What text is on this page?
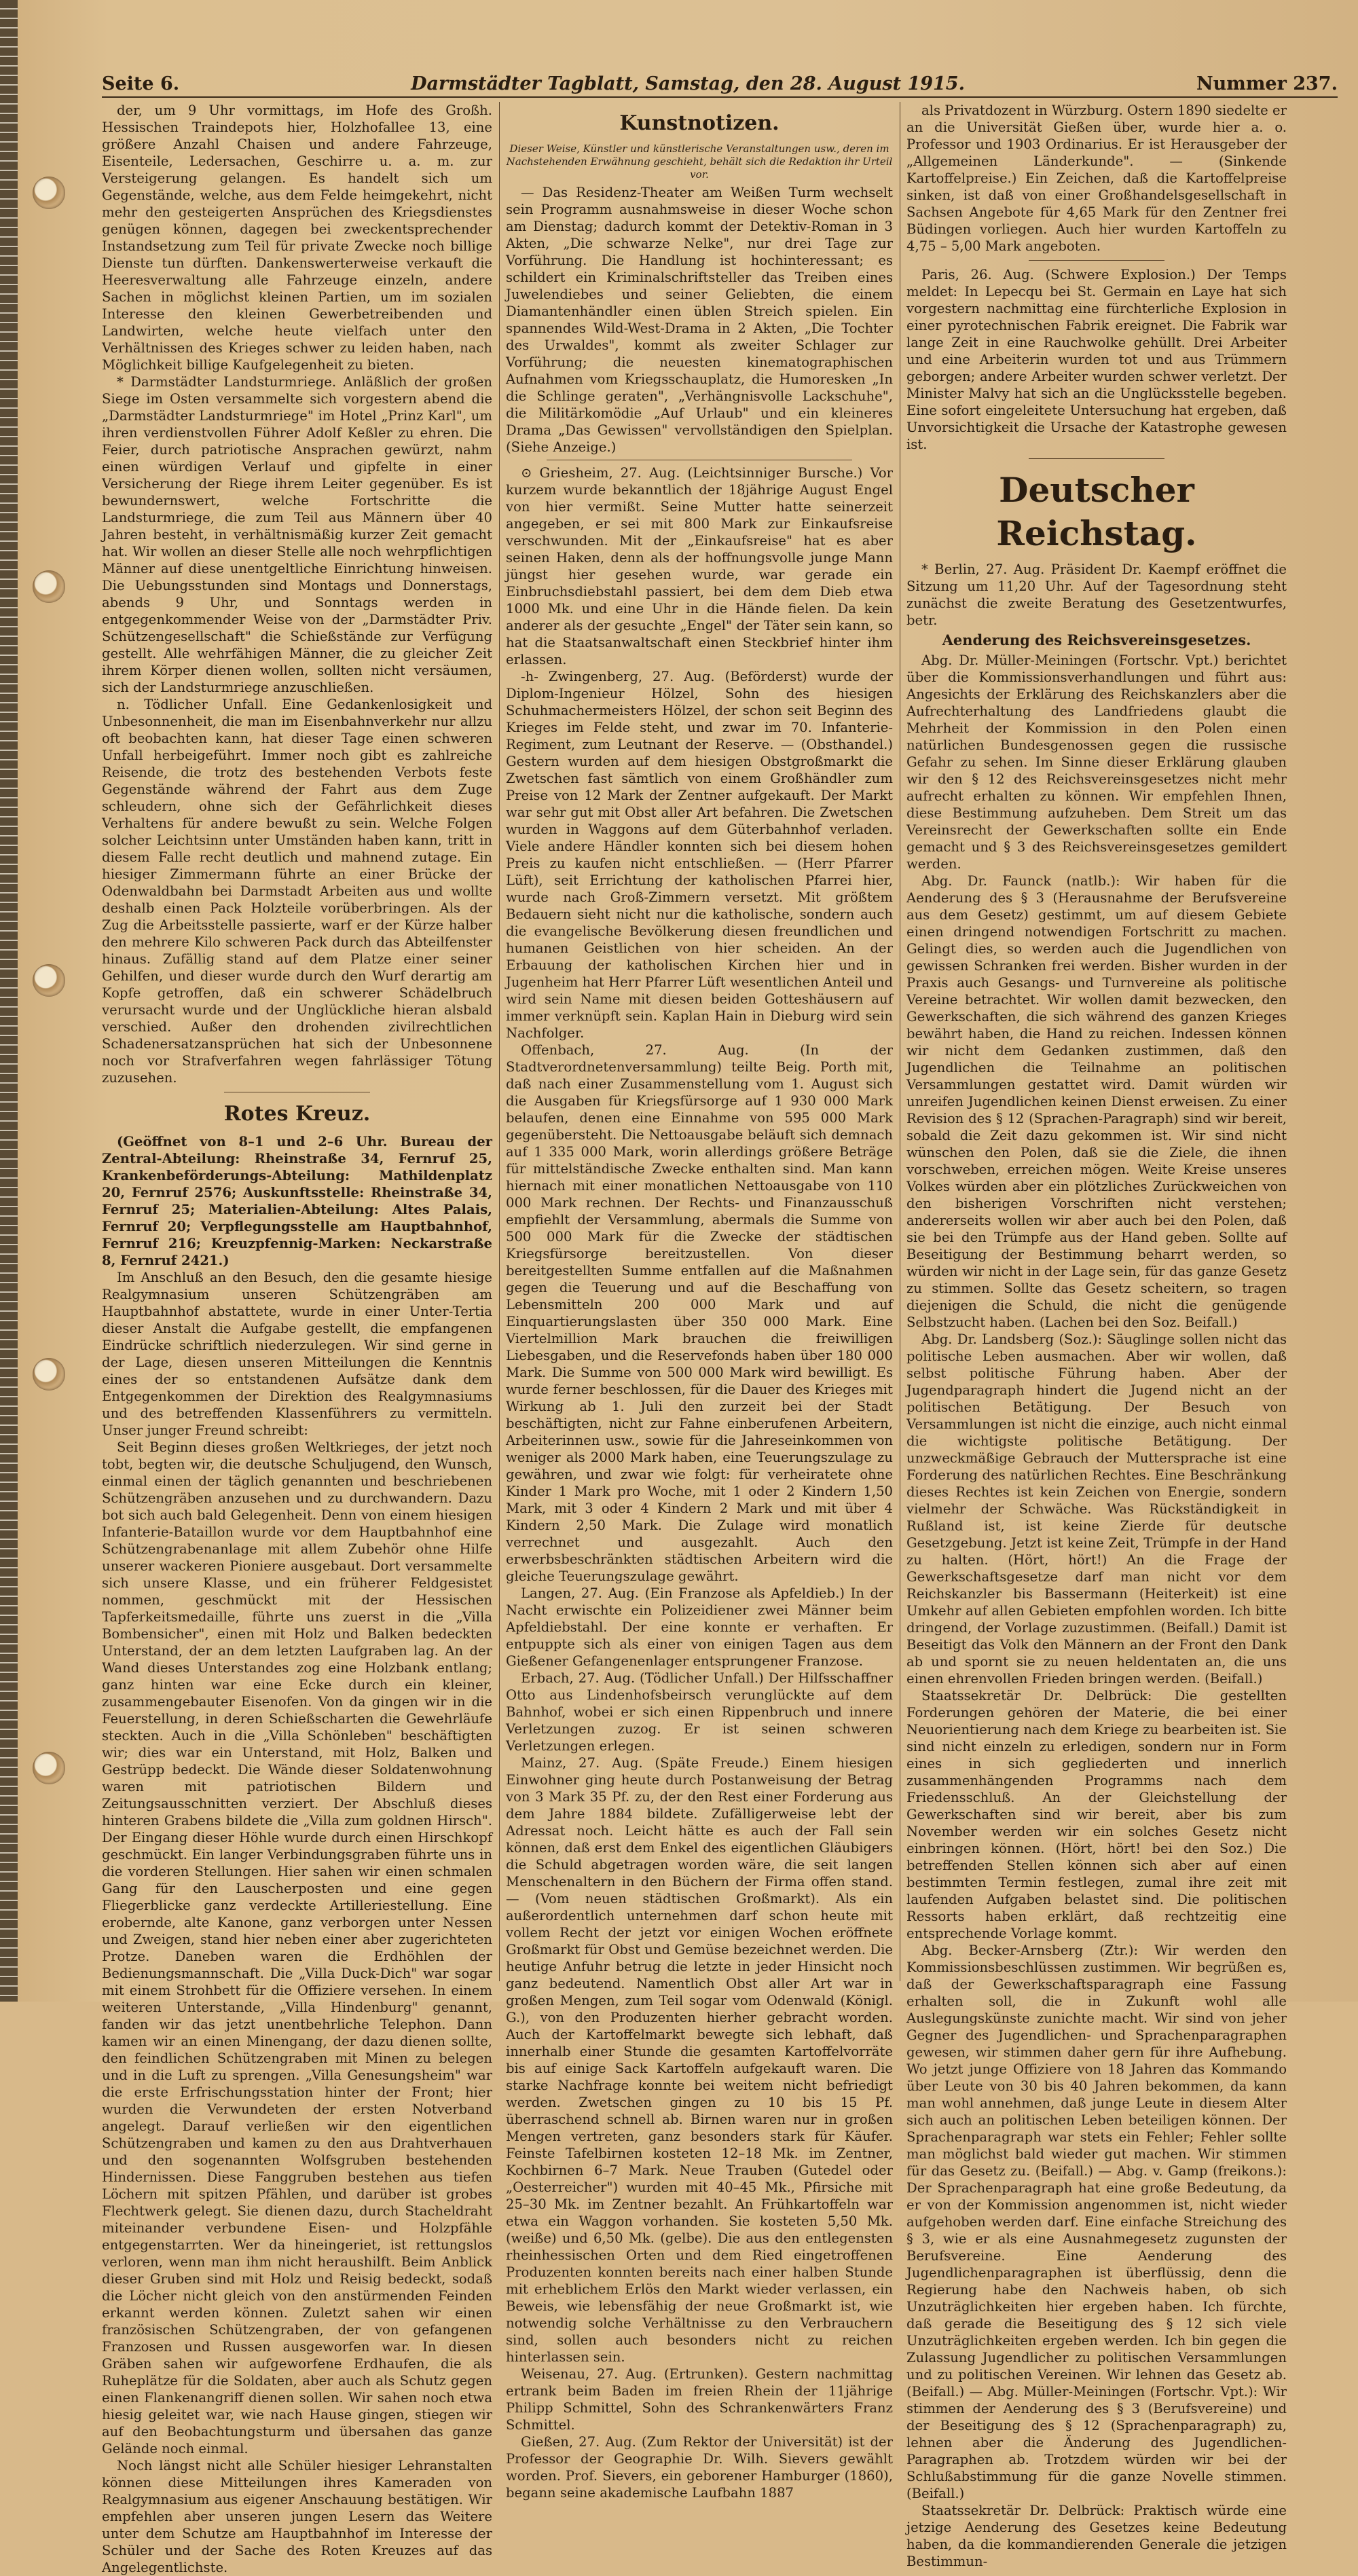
Seite 6.	Darmstädter Tagblatt, Samstag, den 28. August 1915.	Nummer 237.

der, um 9 Uhr vormittags, im Hofe des Großh. Hessischen Traindepots hier, Holzhofallee 13, eine größere Anzahl Chaisen und andere Fahrzeuge, Eisenteile, Ledersachen, Geschirre u. a. m. zur Versteigerung gelangen. Es handelt sich um Gegenstände, welche, aus dem Felde heimgekehrt, nicht mehr den gesteigerten Ansprüchen des Kriegsdienstes genügen können, dagegen bei zweckentsprechender Instandsetzung zum Teil für private Zwecke noch billige Dienste tun dürften. Dankenswerterweise verkauft die Heeresverwaltung alle Fahrzeuge einzeln, andere Sachen in möglichst kleinen Partien, um im sozialen Interesse den kleinen Gewerbetreibenden und Landwirten, welche heute vielfach unter den Verhältnissen des Krieges schwer zu leiden haben, nach Möglichkeit billige Kaufgelegenheit zu bieten.

* Darmstädter Landsturmriege. Anläßlich der großen Siege im Osten versammelte sich vorgestern abend die „Darmstädter Landsturmriege" im Hotel „Prinz Karl", um ihren verdienstvollen Führer Adolf Keßler zu ehren. Die Feier, durch patriotische Ansprachen gewürzt, nahm einen würdigen Verlauf und gipfelte in einer Versicherung der Riege ihrem Leiter gegenüber. Es ist bewundernswert, welche Fortschritte die Landsturmriege, die zum Teil aus Männern über 40 Jahren besteht, in verhältnismäßig kurzer Zeit gemacht hat. Wir wollen an dieser Stelle alle noch wehrpflichtigen Männer auf diese unentgeltliche Einrichtung hinweisen. Die Uebungsstunden sind Montags und Donnerstags, abends 9 Uhr, und Sonntags werden in entgegenkommender Weise von der „Darmstädter Priv. Schützengesellschaft" die Schießstände zur Verfügung gestellt. Alle wehrfähigen Männer, die zu gleicher Zeit ihrem Körper dienen wollen, sollten nicht versäumen, sich der Landsturmriege anzuschließen.

n. Tödlicher Unfall. Eine Gedankenlosigkeit und Unbesonnenheit, die man im Eisenbahnverkehr nur allzu oft beobachten kann, hat dieser Tage einen schweren Unfall herbeigeführt. Immer noch gibt es zahlreiche Reisende, die trotz des bestehenden Verbots feste Gegenstände während der Fahrt aus dem Zuge schleudern, ohne sich der Gefährlichkeit dieses Verhaltens für andere bewußt zu sein. Welche Folgen solcher Leichtsinn unter Umständen haben kann, tritt in diesem Falle recht deutlich und mahnend zutage. Ein hiesiger Zimmermann führte an einer Brücke der Odenwaldbahn bei Darmstadt Arbeiten aus und wollte deshalb einen Pack Holzteile vorüberbringen. Als der Zug die Arbeitsstelle passierte, warf er der Kürze halber den mehrere Kilo schweren Pack durch das Abteilfenster hinaus. Zufällig stand auf dem Platze einer seiner Gehilfen, und dieser wurde durch den Wurf derartig am Kopfe getroffen, daß ein schwerer Schädelbruch verursacht wurde und der Unglückliche hieran alsbald verschied. Außer den drohenden zivilrechtlichen Schadenersatzansprüchen hat sich der Unbesonnene noch vor Strafverfahren wegen fahrlässiger Tötung zuzusehen.

Rotes Kreuz.

(Geöffnet von 8–1 und 2–6 Uhr. Bureau der Zentral-Abteilung: Rheinstraße 34, Fernruf 25, Krankenbeförderungs-Abteilung: Mathildenplatz 20, Fernruf 2576; Auskunftsstelle: Rheinstraße 34, Fernruf 25; Materialien-Abteilung: Altes Palais, Fernruf 20; Verpflegungsstelle am Hauptbahnhof, Fernruf 216; Kreuzpfennig-Marken: Neckarstraße 8, Fernruf 2421.)

Im Anschluß an den Besuch, den die gesamte hiesige Realgymnasium unseren Schützengräben am Hauptbahnhof abstattete, wurde in einer Unter-Tertia dieser Anstalt die Aufgabe gestellt, die empfangenen Eindrücke schriftlich niederzulegen. Wir sind gerne in der Lage, diesen unseren Mitteilungen die Kenntnis eines der so entstandenen Aufsätze dank dem Entgegenkommen der Direktion des Realgymnasiums und des betreffenden Klassenführers zu vermitteln. Unser junger Freund schreibt:

Seit Beginn dieses großen Weltkrieges, der jetzt noch tobt, begten wir, die deutsche Schuljugend, den Wunsch, einmal einen der täglich genannten und beschriebenen Schützengräben anzusehen und zu durchwandern. Dazu bot sich auch bald Gelegenheit. Denn von einem hiesigen Infanterie-Bataillon wurde vor dem Hauptbahnhof eine Schützengrabenanlage mit allem Zubehör ohne Hilfe unserer wackeren Pioniere ausgebaut. Dort versammelte sich unsere Klasse, und ein früherer Feldgesistet nommen, geschmückt mit der Hessischen Tapferkeitsmedaille, führte uns zuerst in die „Villa Bombensicher", einen mit Holz und Balken bedeckten Unterstand, der an dem letzten Laufgraben lag. An der Wand dieses Unterstandes zog eine Holzbank entlang; ganz hinten war eine Ecke durch ein kleiner, zusammengebauter Eisenofen. Von da gingen wir in die Feuerstellung, in deren Schießscharten die Gewehrläufe steckten. Auch in die „Villa Schönleben" beschäftigten wir; dies war ein Unterstand, mit Holz, Balken und Gestrüpp bedeckt. Die Wände dieser Soldatenwohnung waren mit patriotischen Bildern und Zeitungsausschnitten verziert. Der Abschluß dieses hinteren Grabens bildete die „Villa zum goldnen Hirsch". Der Eingang dieser Höhle wurde durch einen Hirschkopf geschmückt. Ein langer Verbindungsgraben führte uns in die vorderen Stellungen. Hier sahen wir einen schmalen Gang für den Lauscherposten und eine gegen Fliegerblicke ganz verdeckte Artilleriestellung. Eine erobernde, alte Kanone, ganz verborgen unter Nessen und Zweigen, stand hier neben einer aber zugerichteten Protze. Daneben waren die Erdhöhlen der Bedienungsmannschaft. Die „Villa Duck-Dich" war sogar mit einem Strohbett für die Offiziere versehen. In einem weiteren Unterstande, „Villa Hindenburg" genannt, fanden wir das jetzt unentbehrliche Telephon. Dann kamen wir an einen Minengang, der dazu dienen sollte, den feindlichen Schützengraben mit Minen zu belegen und in die Luft zu sprengen. „Villa Genesungsheim" war die erste Erfrischungsstation hinter der Front; hier wurden die Verwundeten der ersten Notverband angelegt. Darauf verließen wir den eigentlichen Schützengraben und kamen zu den aus Drahtverhauen und den sogenannten Wolfsgruben bestehenden Hindernissen. Diese Fanggruben bestehen aus tiefen Löchern mit spitzen Pfählen, und darüber ist grobes Flechtwerk gelegt. Sie dienen dazu, durch Stacheldraht miteinander verbundene Eisen- und Holzpfähle entgegenstarrten. Wer da hineingeriet, ist rettungslos verloren, wenn man ihm nicht heraushilft. Beim Anblick dieser Gruben sind mit Holz und Reisig bedeckt, sodaß die Löcher nicht gleich von den anstürmenden Feinden erkannt werden können. Zuletzt sahen wir einen französischen Schützengraben, der von gefangenen Franzosen und Russen ausgeworfen war. In diesen Gräben sahen wir aufgeworfene Erdhaufen, die als Ruheplätze für die Soldaten, aber auch als Schutz gegen einen Flankenangriff dienen sollen. Wir sahen noch etwa hiesig geleitet war, wie nach Hause gingen, stiegen wir auf den Beobachtungsturm und übersahen das ganze Gelände noch einmal.

Noch längst nicht alle Schüler hiesiger Lehranstalten können diese Mitteilungen ihres Kameraden von Realgymnasium aus eigener Anschauung bestätigen. Wir empfehlen aber unseren jungen Lesern das Weitere unter dem Schutze am Hauptbahnhof im Interesse der Schüler und der Sache des Roten Kreuzes auf das Angelegentlichste.

Kunstnotizen.
Dieser Weise, Künstler und künstlerische Veranstaltungen usw., deren im Nachstehenden Erwähnung geschieht, behält sich die Redaktion ihr Urteil vor.

— Das Residenz-Theater am Weißen Turm wechselt sein Programm ausnahmsweise in dieser Woche schon am Dienstag; dadurch kommt der Detektiv-Roman in 3 Akten, „Die schwarze Nelke", nur drei Tage zur Vorführung. Die Handlung ist hochinteressant; es schildert ein Kriminalschriftsteller das Treiben eines Juwelendiebes und seiner Geliebten, die einem Diamantenhändler einen üblen Streich spielen. Ein spannendes Wild-West-Drama in 2 Akten, „Die Tochter des Urwaldes", kommt als zweiter Schlager zur Vorführung; die neuesten kinematographischen Aufnahmen vom Kriegsschauplatz, die Humoresken „In die Schlinge geraten", „Verhängnisvolle Lackschuhe", die Militärkomödie „Auf Urlaub" und ein kleineres Drama „Das Gewissen" vervollständigen den Spielplan. (Siehe Anzeige.)

⊙ Griesheim, 27. Aug. (Leichtsinniger Bursche.) Vor kurzem wurde bekanntlich der 18jährige August Engel von hier vermißt. Seine Mutter hatte seinerzeit angegeben, er sei mit 800 Mark zur Einkaufsreise verschwunden. Mit der „Einkaufsreise" hat es aber seinen Haken, denn als der hoffnungsvolle junge Mann jüngst hier gesehen wurde, war gerade ein Einbruchsdiebstahl passiert, bei dem dem Dieb etwa 1000 Mk. und eine Uhr in die Hände fielen. Da kein anderer als der gesuchte „Engel" der Täter sein kann, so hat die Staatsanwaltschaft einen Steckbrief hinter ihm erlassen.

-h- Zwingenberg, 27. Aug. (Beförderst) wurde der Diplom-Ingenieur Hölzel, Sohn des hiesigen Schuhmachermeisters Hölzel, der schon seit Beginn des Krieges im Felde steht, und zwar im 70. Infanterie-Regiment, zum Leutnant der Reserve. — (Obsthandel.) Gestern wurden auf dem hiesigen Obstgroßmarkt die Zwetschen fast sämtlich von einem Großhändler zum Preise von 12 Mark der Zentner aufgekauft. Der Markt war sehr gut mit Obst aller Art befahren. Die Zwetschen wurden in Waggons auf dem Güterbahnhof verladen. Viele andere Händler konnten sich bei diesem hohen Preis zu kaufen nicht entschließen. — (Herr Pfarrer Lüft), seit Errichtung der katholischen Pfarrei hier, wurde nach Groß-Zimmern versetzt. Mit größtem Bedauern sieht nicht nur die katholische, sondern auch die evangelische Bevölkerung diesen freundlichen und humanen Geistlichen von hier scheiden. An der Erbauung der katholischen Kirchen hier und in Jugenheim hat Herr Pfarrer Lüft wesentlichen Anteil und wird sein Name mit diesen beiden Gotteshäusern auf immer verknüpft sein. Kaplan Hain in Dieburg wird sein Nachfolger.

Offenbach, 27. Aug. (In der Stadtverordnetenversammlung) teilte Beig. Porth mit, daß nach einer Zusammenstellung vom 1. August sich die Ausgaben für Kriegsfürsorge auf 1 930 000 Mark belaufen, denen eine Einnahme von 595 000 Mark gegenübersteht. Die Nettoausgabe beläuft sich demnach auf 1 335 000 Mark, worin allerdings größere Beträge für mittelständische Zwecke enthalten sind. Man kann hiernach mit einer monatlichen Nettoausgabe von 110 000 Mark rechnen. Der Rechts- und Finanzausschuß empfiehlt der Versammlung, abermals die Summe von 500 000 Mark für die Zwecke der städtischen Kriegsfürsorge bereitzustellen. Von dieser bereitgestellten Summe entfallen auf die Maßnahmen gegen die Teuerung und auf die Beschaffung von Lebensmitteln 200 000 Mark und auf Einquartierungslasten über 350 000 Mark. Eine Viertelmillion Mark brauchen die freiwilligen Liebesgaben, und die Reservefonds haben über 180 000 Mark. Die Summe von 500 000 Mark wird bewilligt. Es wurde ferner beschlossen, für die Dauer des Krieges mit Wirkung ab 1. Juli den zurzeit bei der Stadt beschäftigten, nicht zur Fahne einberufenen Arbeitern, Arbeiterinnen usw., sowie für die Jahreseinkommen von weniger als 2000 Mark haben, eine Teuerungszulage zu gewähren, und zwar wie folgt: für verheiratete ohne Kinder 1 Mark pro Woche, mit 1 oder 2 Kindern 1,50 Mark, mit 3 oder 4 Kindern 2 Mark und mit über 4 Kindern 2,50 Mark. Die Zulage wird monatlich verrechnet und ausgezahlt. Auch den erwerbsbeschränkten städtischen Arbeitern wird die gleiche Teuerungszulage gewährt.

Langen, 27. Aug. (Ein Franzose als Apfeldieb.) In der Nacht erwischte ein Polizeidiener zwei Männer beim Apfeldiebstahl. Der eine konnte er verhaften. Er entpuppte sich als einer von einigen Tagen aus dem Gießener Gefangenenlager entsprungener Franzose.

Erbach, 27. Aug. (Tödlicher Unfall.) Der Hilfsschaffner Otto aus Lindenhofsbeirsch verunglückte auf dem Bahnhof, wobei er sich einen Rippenbruch und innere Verletzungen zuzog. Er ist seinen schweren Verletzungen erlegen.

Mainz, 27. Aug. (Späte Freude.) Einem hiesigen Einwohner ging heute durch Postanweisung der Betrag von 3 Mark 35 Pf. zu, der den Rest einer Forderung aus dem Jahre 1884 bildete. Zufälligerweise lebt der Adressat noch. Leicht hätte es auch der Fall sein können, daß erst dem Enkel des eigentlichen Gläubigers die Schuld abgetragen worden wäre, die seit langen Menschenaltern in den Büchern der Firma offen stand. — (Vom neuen städtischen Großmarkt). Als ein außerordentlich unternehmen darf schon heute mit vollem Recht der jetzt vor einigen Wochen eröffnete Großmarkt für Obst und Gemüse bezeichnet werden. Die heutige Anfuhr betrug die letzte in jeder Hinsicht noch ganz bedeutend. Namentlich Obst aller Art war in großen Mengen, zum Teil sogar vom Odenwald (Königl. G.), von den Produzenten hierher gebracht worden. Auch der Kartoffelmarkt bewegte sich lebhaft, daß innerhalb einer Stunde die gesamten Kartoffelvorräte bis auf einige Sack Kartoffeln aufgekauft waren. Die starke Nachfrage konnte bei weitem nicht befriedigt werden. Zwetschen gingen zu 10 bis 15 Pf. überraschend schnell ab. Birnen waren nur in großen Mengen vertreten, ganz besonders stark für Käufer. Feinste Tafelbirnen kosteten 12–18 Mk. im Zentner, Kochbirnen 6–7 Mark. Neue Trauben (Gutedel oder „Oesterreicher") wurden mit 40–45 Mk., Pfirsiche mit 25–30 Mk. im Zentner bezahlt. An Frühkartoffeln war etwa ein Waggon vorhanden. Sie kosteten 5,50 Mk. (weiße) und 6,50 Mk. (gelbe). Die aus den entlegensten rheinhessischen Orten und dem Ried eingetroffenen Produzenten konnten bereits nach einer halben Stunde mit erheblichem Erlös den Markt wieder verlassen, ein Beweis, wie lebensfähig der neue Großmarkt ist, wie notwendig solche Verhältnisse zu den Verbrauchern sind, sollen auch besonders nicht zu reichen hinterlassen sein.

Weisenau, 27. Aug. (Ertrunken). Gestern nachmittag ertrank beim Baden im freien Rhein der 11jährige Philipp Schmittel, Sohn des Schrankenwärters Franz Schmittel.

Gießen, 27. Aug. (Zum Rektor der Universität) ist der Professor der Geographie Dr. Wilh. Sievers gewählt worden. Prof. Sievers, ein geborener Hamburger (1860), begann seine akademische Laufbahn 1887

als Privatdozent in Würzburg. Ostern 1890 siedelte er an die Universität Gießen über, wurde hier a. o. Professor und 1903 Ordinarius. Er ist Herausgeber der „Allgemeinen Länderkunde". — (Sinkende Kartoffelpreise.) Ein Zeichen, daß die Kartoffelpreise sinken, ist daß von einer Großhandelsgesellschaft in Sachsen Angebote für 4,65 Mark für den Zentner frei Büdingen vorliegen. Auch hier wurden Kartoffeln zu 4,75 – 5,00 Mark angeboten.

Paris, 26. Aug. (Schwere Explosion.) Der Temps meldet: In Lepecqu bei St. Germain en Laye hat sich vorgestern nachmittag eine fürchterliche Explosion in einer pyrotechnischen Fabrik ereignet. Die Fabrik war lange Zeit in eine Rauchwolke gehüllt. Drei Arbeiter und eine Arbeiterin wurden tot und aus Trümmern geborgen; andere Arbeiter wurden schwer verletzt. Der Minister Malvy hat sich an die Unglücksstelle begeben. Eine sofort eingeleitete Untersuchung hat ergeben, daß Unvorsichtigkeit die Ursache der Katastrophe gewesen ist.

Deutscher Reichstag.

* Berlin, 27. Aug. Präsident Dr. Kaempf eröffnet die Sitzung um 11,20 Uhr. Auf der Tagesordnung steht zunächst die zweite Beratung des Gesetzentwurfes, betr.

Aenderung des Reichsvereinsgesetzes.

Abg. Dr. Müller-Meiningen (Fortschr. Vpt.) berichtet über die Kommissionsverhandlungen und führt aus: Angesichts der Erklärung des Reichskanzlers aber die Aufrechterhaltung des Landfriedens glaubt die Mehrheit der Kommission in den Polen einen natürlichen Bundesgenossen gegen die russische Gefahr zu sehen. Im Sinne dieser Erklärung glauben wir den § 12 des Reichsvereinsgesetzes nicht mehr aufrecht erhalten zu können. Wir empfehlen Ihnen, diese Bestimmung aufzuheben. Dem Streit um das Vereinsrecht der Gewerkschaften sollte ein Ende gemacht und § 3 des Reichsvereinsgesetzes gemildert werden.

Abg. Dr. Faunck (natlb.): Wir haben für die Aenderung des § 3 (Herausnahme der Berufsvereine aus dem Gesetz) gestimmt, um auf diesem Gebiete einen dringend notwendigen Fortschritt zu machen. Gelingt dies, so werden auch die Jugendlichen von gewissen Schranken frei werden. Bisher wurden in der Praxis auch Gesangs- und Turnvereine als politische Vereine betrachtet. Wir wollen damit bezwecken, den Gewerkschaften, die sich während des ganzen Krieges bewährt haben, die Hand zu reichen. Indessen können wir nicht dem Gedanken zustimmen, daß den Jugendlichen die Teilnahme an politischen Versammlungen gestattet wird. Damit würden wir unreifen Jugendlichen keinen Dienst erweisen. Zu einer Revision des § 12 (Sprachen-Paragraph) sind wir bereit, sobald die Zeit dazu gekommen ist. Wir sind nicht wünschen den Polen, daß sie die Ziele, die ihnen vorschweben, erreichen mögen. Weite Kreise unseres Volkes würden aber ein plötzliches Zurückweichen von den bisherigen Vorschriften nicht verstehen; andererseits wollen wir aber auch bei den Polen, daß sie bei den Trümpfe aus der Hand geben. Sollte auf Beseitigung der Bestimmung beharrt werden, so würden wir nicht in der Lage sein, für das ganze Gesetz zu stimmen. Sollte das Gesetz scheitern, so tragen diejenigen die Schuld, die nicht die genügende Selbstzucht haben. (Lachen bei den Soz. Beifall.)

Abg. Dr. Landsberg (Soz.): Säuglinge sollen nicht das politische Leben ausmachen. Aber wir wollen, daß selbst politische Führung haben. Aber der Jugendparagraph hindert die Jugend nicht an der politischen Betätigung. Der Besuch von Versammlungen ist nicht die einzige, auch nicht einmal die wichtigste politische Betätigung. Der unzweckmäßige Gebrauch der Muttersprache ist eine Forderung des natürlichen Rechtes. Eine Beschränkung dieses Rechtes ist kein Zeichen von Energie, sondern vielmehr der Schwäche. Was Rückständigkeit in Rußland ist, ist keine Zierde für deutsche Gesetzgebung. Jetzt ist keine Zeit, Trümpfe in der Hand zu halten. (Hört, hört!) An die Frage der Gewerkschaftsgesetze darf man nicht vor dem Reichskanzler bis Bassermann (Heiterkeit) ist eine Umkehr auf allen Gebieten empfohlen worden. Ich bitte dringend, der Vorlage zuzustimmen. (Beifall.) Damit ist Beseitigt das Volk den Männern an der Front den Dank ab und spornt sie zu neuen heldentaten an, die uns einen ehrenvollen Frieden bringen werden. (Beifall.)

Staatssekretär Dr. Delbrück: Die gestellten Forderungen gehören der Materie, die bei einer Neuorientierung nach dem Kriege zu bearbeiten ist. Sie sind nicht einzeln zu erledigen, sondern nur in Form eines in sich gegliederten und innerlich zusammenhängenden Programms nach dem Friedensschluß. An der Gleichstellung der Gewerkschaften sind wir bereit, aber bis zum November werden wir ein solches Gesetz nicht einbringen können. (Hört, hört! bei den Soz.) Die betreffenden Stellen können sich aber auf einen bestimmten Termin festlegen, zumal ihre zeit mit laufenden Aufgaben belastet sind. Die politischen Ressorts haben erklärt, daß rechtzeitig eine entsprechende Vorlage kommt.

Abg. Becker-Arnsberg (Ztr.): Wir werden den Kommissionsbeschlüssen zustimmen. Wir begrüßen es, daß der Gewerkschaftsparagraph eine Fassung erhalten soll, die in Zukunft wohl alle Auslegungskünste zunichte macht. Wir sind von jeher Gegner des Jugendlichen- und Sprachenparagraphen gewesen, wir stimmen daher gern für ihre Aufhebung. Wo jetzt junge Offiziere von 18 Jahren das Kommando über Leute von 30 bis 40 Jahren bekommen, da kann man wohl annehmen, daß junge Leute in diesem Alter sich auch an politischen Leben beteiligen können. Der Sprachenparagraph war stets ein Fehler; Fehler sollte man möglichst bald wieder gut machen. Wir stimmen für das Gesetz zu. (Beifall.) — Abg. v. Gamp (freikons.): Der Sprachenparagraph hat eine große Bedeutung, da er von der Kommission angenommen ist, nicht wieder aufgehoben werden darf. Eine einfache Streichung des § 3, wie er als eine Ausnahmegesetz zugunsten der Berufsvereine. Eine Aenderung des Jugendlichenparagraphen ist überflüssig, denn die Regierung habe den Nachweis haben, ob sich Unzuträglichkeiten hier ergeben haben. Ich fürchte, daß gerade die Beseitigung des § 12 sich viele Unzuträglichkeiten ergeben werden. Ich bin gegen die Zulassung Jugendlicher zu politischen Versammlungen und zu politischen Vereinen. Wir lehnen das Gesetz ab. (Beifall.) — Abg. Müller-Meiningen (Fortschr. Vpt.): Wir stimmen der Aenderung des § 3 (Berufsvereine) und der Beseitigung des § 12 (Sprachenparagraph) zu, lehnen aber die Änderung des Jugendlichen-Paragraphen ab. Trotzdem würden wir bei der Schlußabstimmung für die ganze Novelle stimmen. (Beifall.)

Staatssekretär Dr. Delbrück: Praktisch würde eine jetzige Aenderung des Gesetzes keine Bedeutung haben, da die kommandierenden Generale die jetzigen Bestimmun-
